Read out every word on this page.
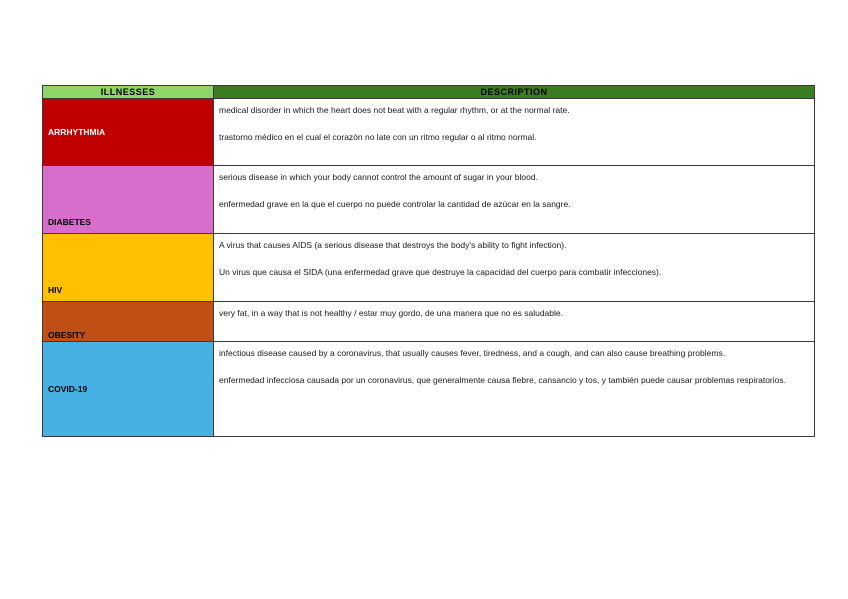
ILLNESSES	DESCRIPTION
ARRHYTHMIA	medical disorder in which the heart does not beat with a regular rhythm, or at the normal rate.

trastorno médico en el cual el corazón no late con un ritmo regular o al ritmo normal.

DIABETES	serious disease in which your body cannot control the amount of sugar in your blood.

enfermedad grave en la que el cuerpo no puede controlar la cantidad de azúcar en la sangre.

HIV	A virus that causes AIDS (a serious disease that destroys the body's ability to fight infection).

Un virus que causa el SIDA (una enfermedad grave que destruye la capacidad del cuerpo para combatir infecciones).

OBESITY	very fat, in a way that is not healthy / estar muy gordo, de una manera que no es saludable.

COVID-19	infectious disease caused by a coronavirus, that usually causes fever, tiredness, and a cough, and can also cause breathing problems.

enfermedad infecciosa causada por un coronavirus, que generalmente causa fiebre, cansancio y tos, y también puede causar problemas respiratorios.
